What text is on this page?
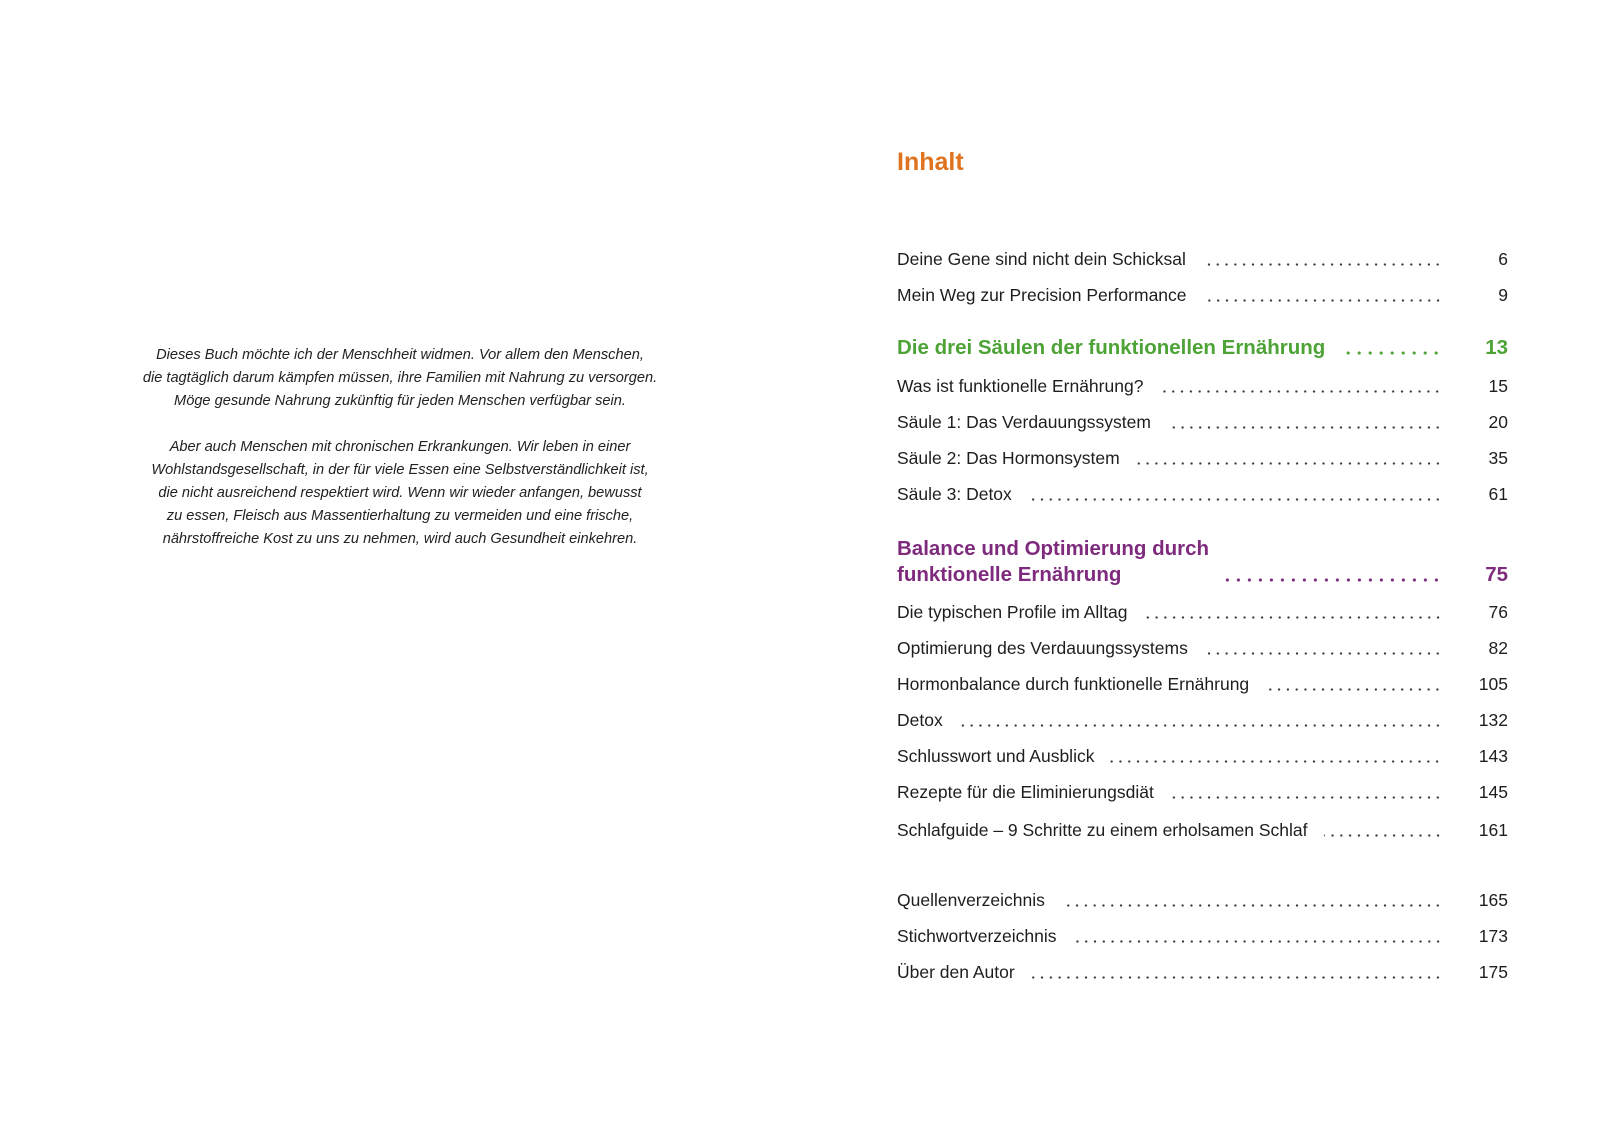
Dieses Buch möchte ich der Menschheit widmen. Vor allem den Menschen,
die tagtäglich darum kämpfen müssen, ihre Familien mit Nahrung zu versorgen.
Möge gesunde Nahrung zukünftig für jeden Menschen verfügbar sein.

Aber auch Menschen mit chronischen Erkrankungen. Wir leben in einer
Wohlstandsgesellschaft, in der für viele Essen eine Selbstverständlichkeit ist,
die nicht ausreichend respektiert wird. Wenn wir wieder anfangen, bewusst
zu essen, Fleisch aus Massentierhaltung zu vermeiden und eine frische,
nährstoffreiche Kost zu uns zu nehmen, wird auch Gesundheit einkehren.

Inhalt
Deine Gene sind nicht dein Schicksal	6
Mein Weg zur Precision Performance	9
Die drei Säulen der funktionellen Ernährung	13
Was ist funktionelle Ernährung?	15
Säule 1: Das Verdauungssystem	20
Säule 2: Das Hormonsystem	35
Säule 3: Detox	61
Balance und Optimierung durch
funktionelle Ernährung	75
Die typischen Profile im Alltag	76
Optimierung des Verdauungssystems	82
Hormonbalance durch funktionelle Ernährung	105
Detox	132
Schlusswort und Ausblick	143
Rezepte für die Eliminierungsdiät	145
Schlafguide – 9 Schritte zu einem erholsamen Schlaf	161
Quellenverzeichnis	165
Stichwortverzeichnis	173
Über den Autor	175
